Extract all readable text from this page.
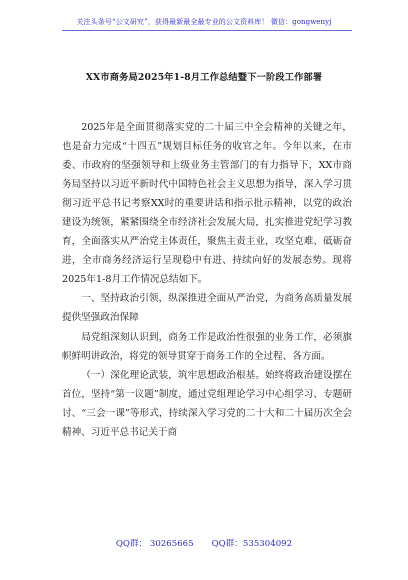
关注头条号“公文研究”，获得最新最全最专业的公文资料库！ 微信：gongwenyj
XX市商务局2025年1-8月工作总结暨下一阶段工作部署

2025年是全面贯彻落实党的二十届三中全会精神的关键之年，也是奋力完成“十四五”规划目标任务的收官之年。今年以来，在市委、市政府的坚强领导和上级业务主管部门的有力指导下，XX市商务局坚持以习近平新时代中国特色社会主义思想为指导，深入学习贯彻习近平总书记考察XX时的重要讲话和指示批示精神，以党的政治建设为统领，紧紧围绕全市经济社会发展大局，扎实推进党纪学习教育，全面落实从严治党主体责任，聚焦主责主业，攻坚克难、砥砺奋进，全市商务经济运行呈现稳中有进、持续向好的发展态势。现将2025年1-8月工作情况总结如下。

一、坚持政治引领，纵深推进全面从严治党，为商务高质量发展提供坚强政治保障

局党组深刻认识到，商务工作是政治性很强的业务工作，必须旗帜鲜明讲政治，将党的领导贯穿于商务工作的全过程、各方面。

（一）深化理论武装，筑牢思想政治根基。始终将政治建设摆在首位，坚持“第一议题”制度，通过党组理论学习中心组学习、专题研讨、“三会一课”等形式，持续深入学习党的二十大和二十届历次全会精神、习近平总书记关于商

QQ群： 30265665 QQ群：535304092
